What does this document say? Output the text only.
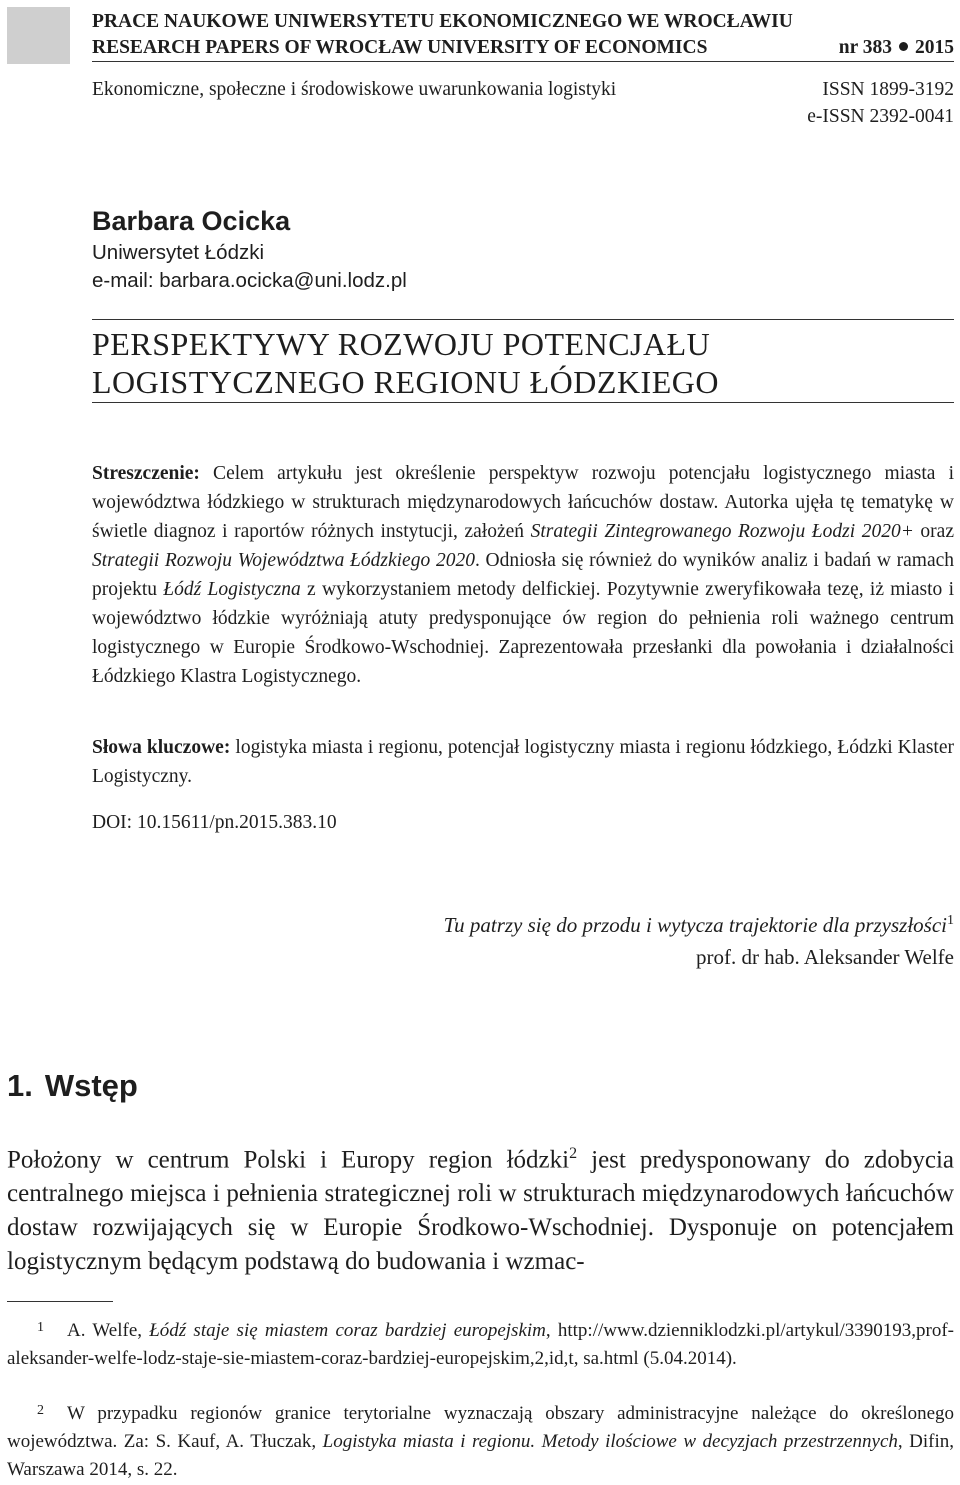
PRACE NAUKOWE UNIWERSYTETU EKONOMICZNEGO WE WROCŁAWIU
RESEARCH PAPERS OF WROCŁAW UNIVERSITY OF ECONOMICS	nr 383 2015
Ekonomiczne, społeczne i środowiskowe uwarunkowania logistyki	ISSN 1899-3192
e-ISSN 2392-0041
Barbara Ocicka
Uniwersytet Łódzki
e-mail: barbara.ocicka@uni.lodz.pl
PERSPEKTYWY ROZWOJU POTENCJAŁU
LOGISTYCZNEGO REGIONU ŁÓDZKIEGO
Streszczenie: Celem artykułu jest określenie perspektyw rozwoju potencjału logistycznego miasta i województwa łódzkiego w strukturach międzynarodowych łańcuchów dostaw. Autorka ujęła tę tematykę w świetle diagnoz i raportów różnych instytucji, założeń Strategii Zintegrowanego Rozwoju Łodzi 2020+ oraz Strategii Rozwoju Województwa Łódzkiego 2020. Odniosła się również do wyników analiz i badań w ramach projektu Łódź Logistyczna z wykorzystaniem metody delfickiej. Pozytywnie zweryfikowała tezę, iż miasto i województwo łódzkie wyróżniają atuty predysponujące ów region do pełnienia roli ważnego centrum logistycznego w Europie Środkowo-Wschodniej. Zaprezentowała przesłanki dla powołania i działalności Łódzkiego Klastra Logistycznego.
Słowa kluczowe: logistyka miasta i regionu, potencjał logistyczny miasta i regionu łódzkiego, Łódzki Klaster Logistyczny.
DOI: 10.15611/pn.2015.383.10
Tu patrzy się do przodu i wytycza trajektorie dla przyszłości$^1$
prof. dr hab. Aleksander Welfe
1. Wstęp
Położony w centrum Polski i Europy region łódzki$^2$ jest predysponowany do zdobycia centralnego miejsca i pełnienia strategicznej roli w strukturach międzynarodowych łańcuchów dostaw rozwijających się w Europie Środkowo-Wschodniej. Dysponuje on potencjałem logistycznym będącym podstawą do budowania i wzmac-
1 A. Welfe, Łódź staje się miastem coraz bardziej europejskim, http://www.dzienniklodzki.pl/artykul/3390193,prof-aleksander-welfe-lodz-staje-sie-miastem-coraz-bardziej-europejskim,2,id,t, sa.html (5.04.2014).
2 W przypadku regionów granice terytorialne wyznaczają obszary administracyjne należące do określonego województwa. Za: S. Kauf, A. Tłuczak, Logistyka miasta i regionu. Metody ilościowe w decyzjach przestrzennych, Difin, Warszawa 2014, s. 22.
